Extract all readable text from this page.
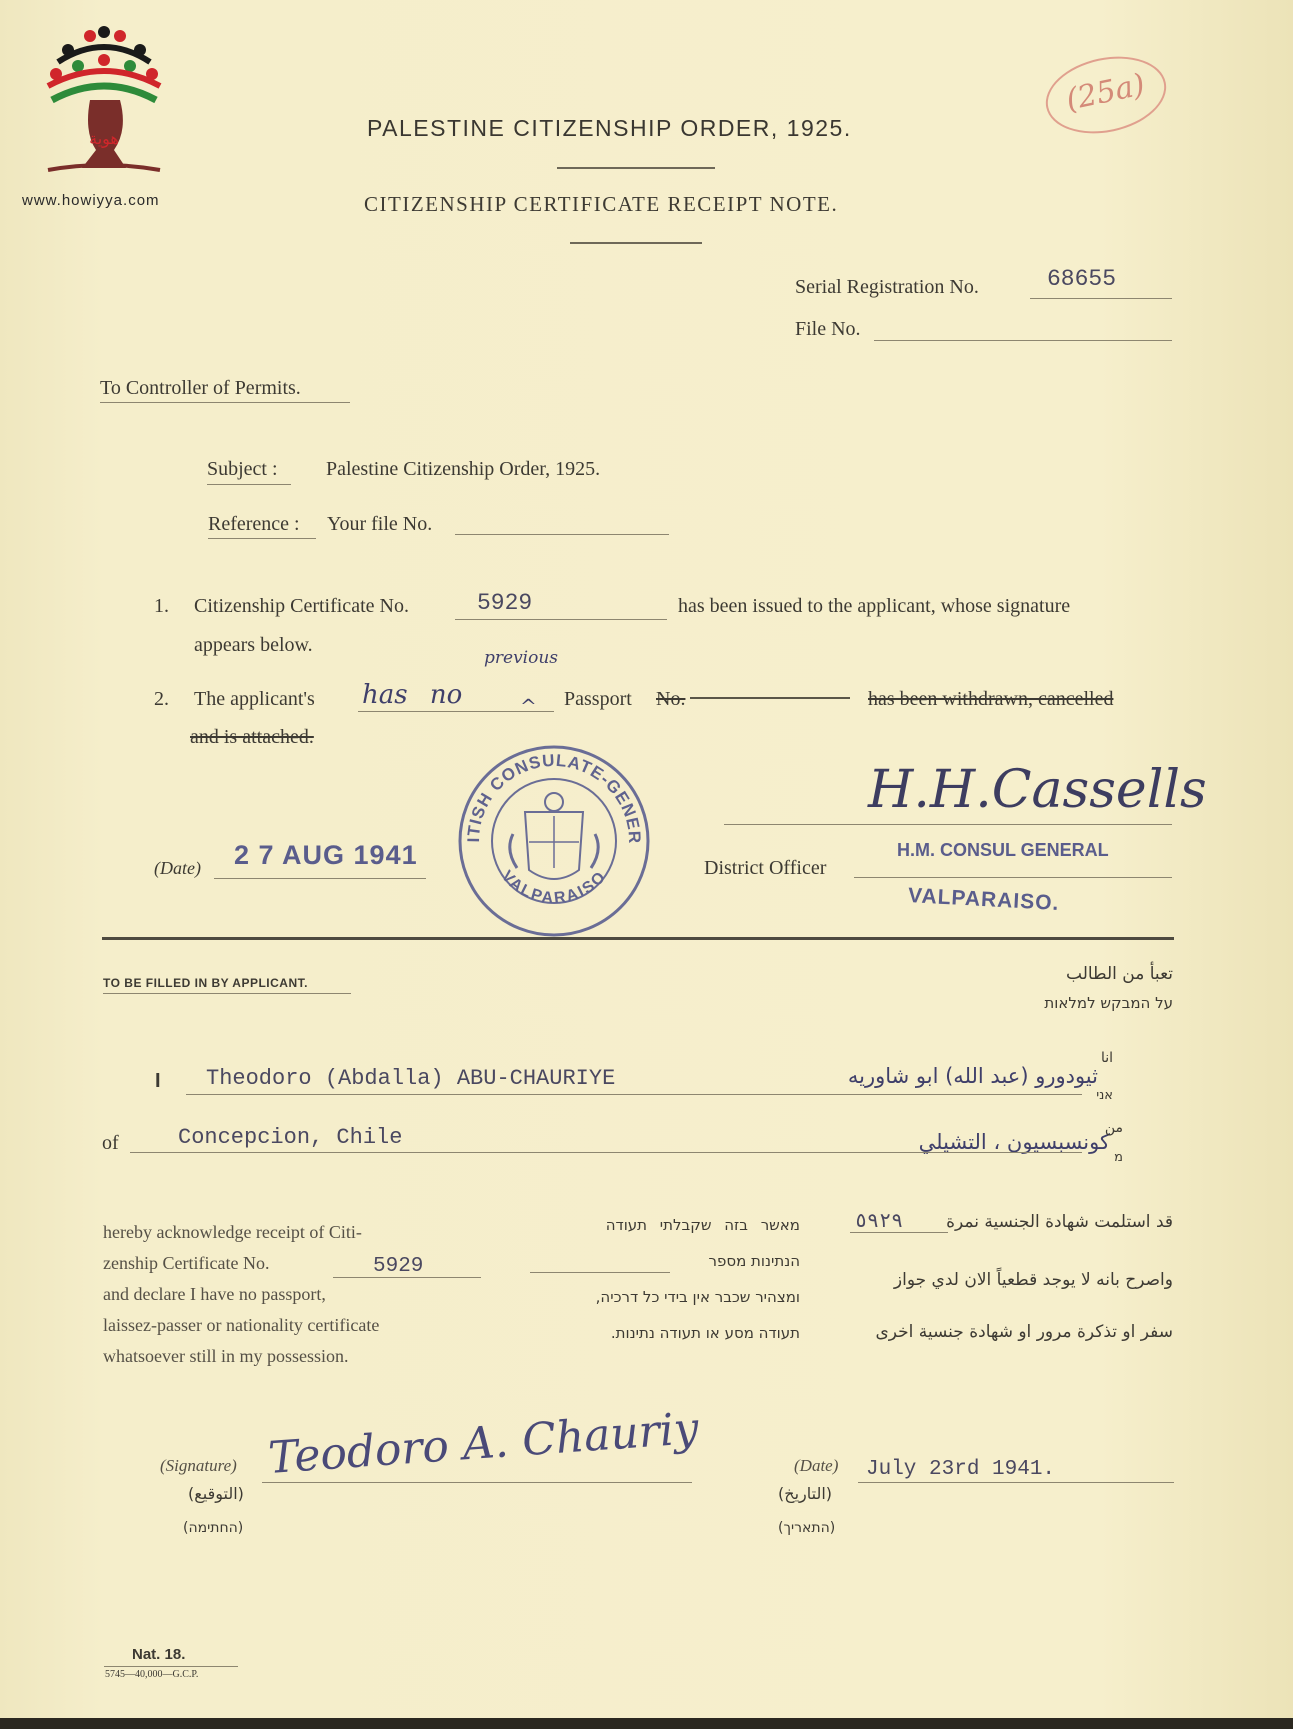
هوية
www.howiyya.com
(25a)
PALESTINE CITIZENSHIP ORDER, 1925.
CITIZENSHIP CERTIFICATE RECEIPT NOTE.
Serial Registration No.	68655
File No.
To Controller of Permits.
Subject : Palestine Citizenship Order, 1925.
Reference : Your file No.
1. Citizenship Certificate No.	5929	has been issued to the applicant, whose signature
appears below.
previous
2. The applicant's has no	^ Passport No.	has been withdrawn, cancelled
and is attached.
ITISH CONSULATE-GENER
VALPARAISO
(Date) 2 7 AUG 1941
H.H.Cassells
H.M. CONSUL GENERAL
District Officer
VALPARAISO.
TO BE FILLED IN BY APPLICANT.	تعبأ من الطالب
על המבקש למלאות
I Theodoro (Abdalla) ABU-CHAURIYE	ثيودورو (عبد الله) ابو شاوريه
انا
אני
of	Concepcion, Chile	كونسبسيون ، التشيلي
من
מ
hereby acknowledge receipt of Citi-
zenship Certificate No.	5929
and declare I have no passport,
laissez-passer or nationality certificate
whatsoever still in my possession.
מאשר בזה שקבלתי תעודה
הנתינות מספר
ומצהיר שכבר אין בידי כל דרכיה,
תעודה מסע או תעודה נתינות.
قد استلمت شهادة الجنسية نمرة
٥٩٢٩
واصرح بانه لا يوجد قطعياً الان لدي جواز
سفر او تذكرة مرور او شهادة جنسية اخرى
(Signature) Teodoro A. Chauriy
(التوقيع)
(החתימה)
(Date) July 23rd 1941.
(التاريخ)
(התאריך)
Nat. 18.
5745—40,000—G.C.P.
